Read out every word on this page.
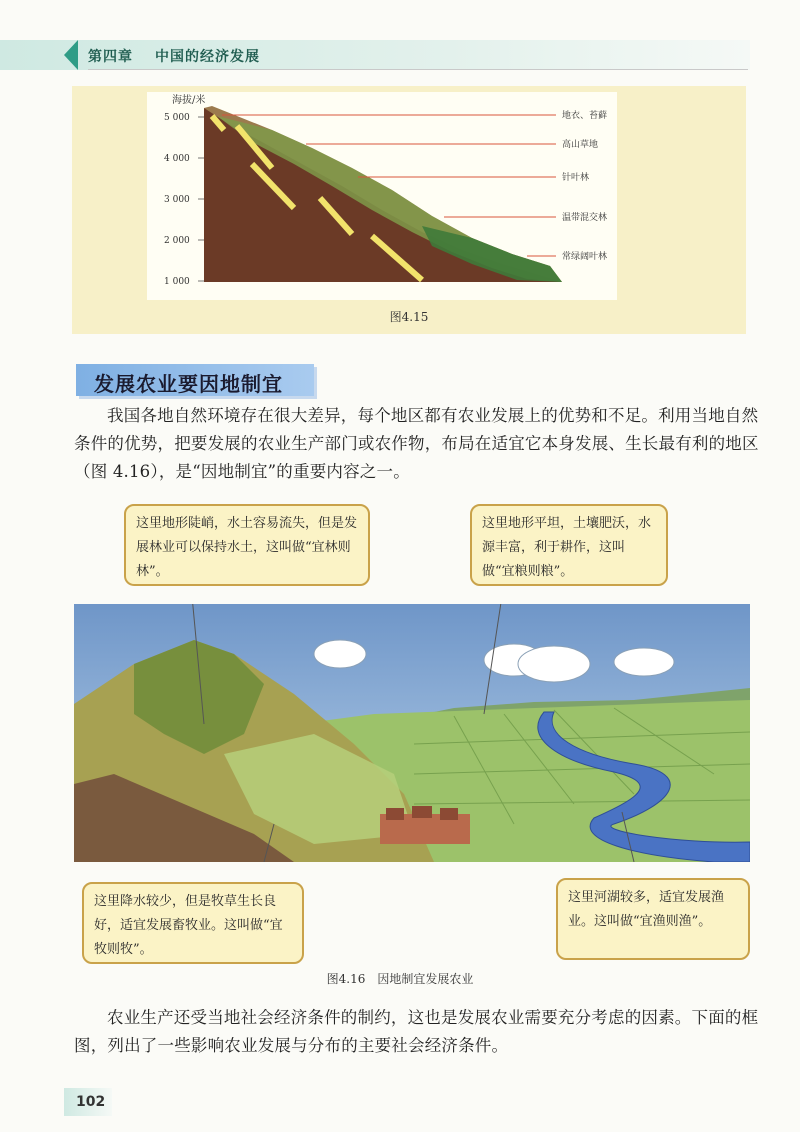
第四章 中国的经济发展
海拔/米
5 000
4 000
3 000
2 000
1 000
地衣、苔藓
高山草地
针叶林
温带混交林
常绿阔叶林
图4.15
发展农业要因地制宜
我国各地自然环境存在很大差异，每个地区都有农业发展上的优势和不足。利用当地自然条件的优势，把要发展的农业生产部门或农作物，布局在适宜它本身发展、生长最有利的地区（图 4.16），是“因地制宜”的重要内容之一。
这里地形陡峭，水土容易流失，但是发展林业可以保持水土，这叫做“宜林则林”。
这里地形平坦，土壤肥沃，水源丰富，利于耕作，这叫做“宜粮则粮”。
这里降水较少，但是牧草生长良好，适宜发展畜牧业。这叫做“宜牧则牧”。
这里河湖较多，适宜发展渔业。这叫做“宜渔则渔”。
图4.16　因地制宜发展农业
农业生产还受当地社会经济条件的制约，这也是发展农业需要充分考虑的因素。下面的框图，列出了一些影响农业发展与分布的主要社会经济条件。
102
